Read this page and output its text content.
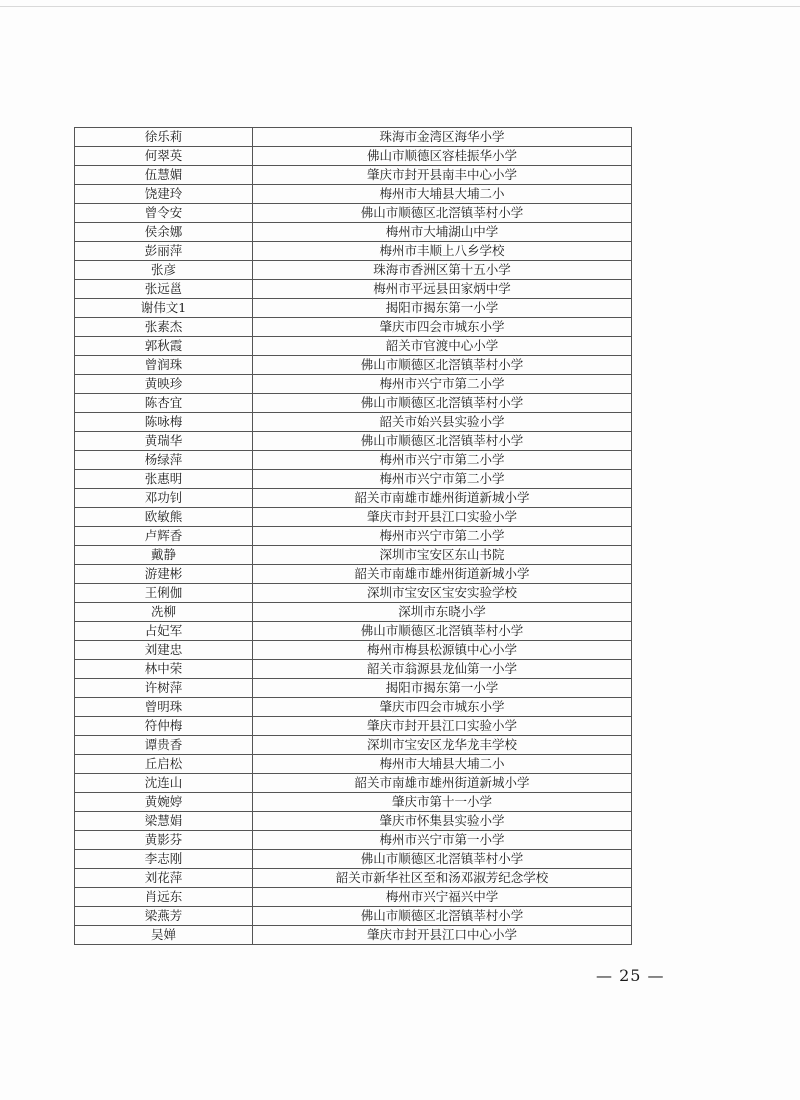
徐乐莉	珠海市金湾区海华小学
何翠英	佛山市顺德区容桂振华小学
伍慧媚	肇庆市封开县南丰中心小学
饶建玲	梅州市大埔县大埔二小
曾令安	佛山市顺德区北滘镇莘村小学
侯余娜	梅州市大埔湖山中学
彭丽萍	梅州市丰顺上八乡学校
张彦	珠海市香洲区第十五小学
张远邕	梅州市平远县田家炳中学
谢伟文1	揭阳市揭东第一小学
张素杰	肇庆市四会市城东小学
郭秋霞	韶关市官渡中心小学
曾润珠	佛山市顺德区北滘镇莘村小学
黄映珍	梅州市兴宁市第二小学
陈杏宜	佛山市顺德区北滘镇莘村小学
陈咏梅	韶关市始兴县实验小学
黄瑞华	佛山市顺德区北滘镇莘村小学
杨绿萍	梅州市兴宁市第二小学
张惠明	梅州市兴宁市第二小学
邓功钊	韶关市南雄市雄州街道新城小学
欧敏熊	肇庆市封开县江口实验小学
卢辉香	梅州市兴宁市第二小学
戴静	深圳市宝安区东山书院
游建彬	韶关市南雄市雄州街道新城小学
王俐伽	深圳市宝安区宝安实验学校
冼柳	深圳市东晓小学
占妃军	佛山市顺德区北滘镇莘村小学
刘建忠	梅州市梅县松源镇中心小学
林中荣	韶关市翁源县龙仙第一小学
许树萍	揭阳市揭东第一小学
曾明珠	肇庆市四会市城东小学
符仲梅	肇庆市封开县江口实验小学
谭贵香	深圳市宝安区龙华龙丰学校
丘启松	梅州市大埔县大埔二小
沈连山	韶关市南雄市雄州街道新城小学
黄婉婷	肇庆市第十一小学
梁慧娟	肇庆市怀集县实验小学
黄影芬	梅州市兴宁市第一小学
李志刚	佛山市顺德区北滘镇莘村小学
刘花萍	韶关市新华社区至和汤邓淑芳纪念学校
肖远东	梅州市兴宁福兴中学
梁燕芳	佛山市顺德区北滘镇莘村小学
吴婵	肇庆市封开县江口中心小学
— 25 —
